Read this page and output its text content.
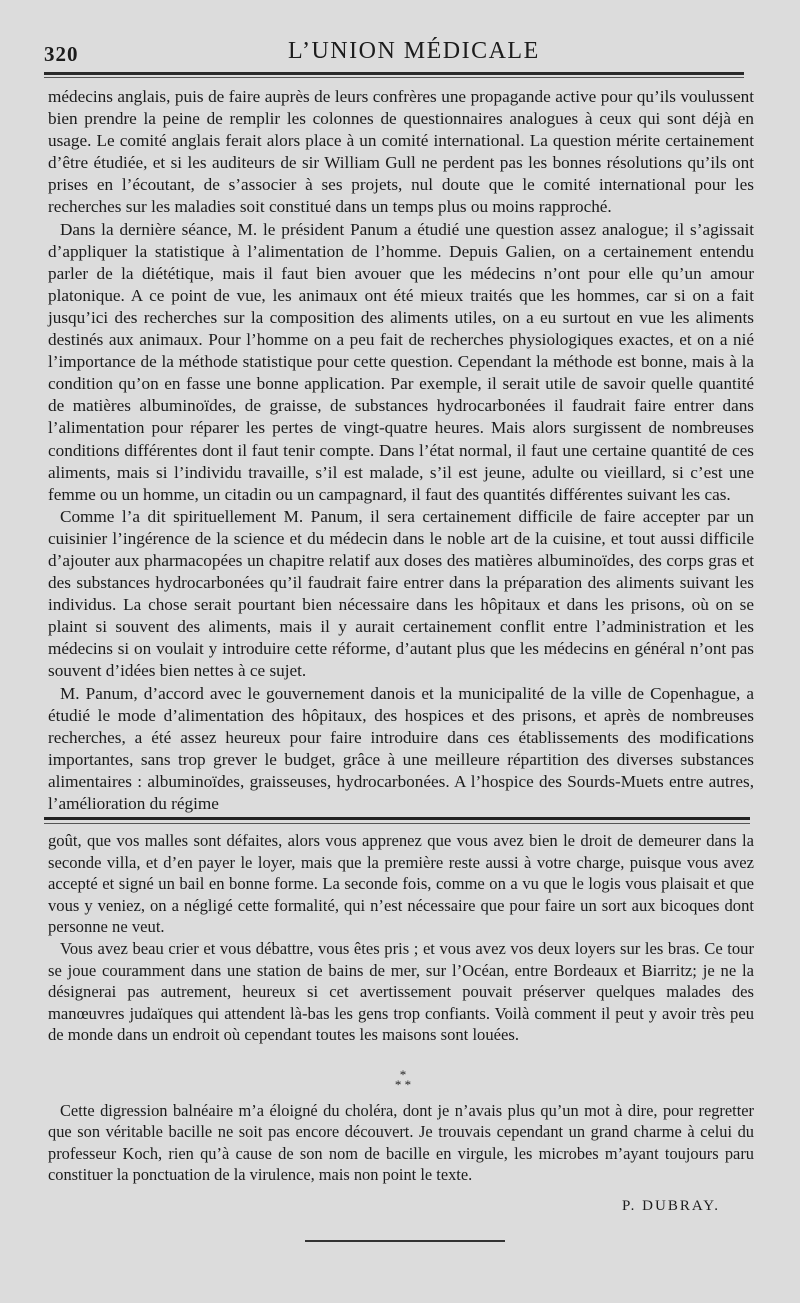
320	L’UNION MÉDICALE

médecins anglais, puis de faire auprès de leurs confrères une propagande active pour qu’ils voulussent bien prendre la peine de remplir les colonnes de questionnaires analogues à ceux qui sont déjà en usage. Le comité anglais ferait alors place à un comité international. La question mérite certainement d’être étudiée, et si les auditeurs de sir William Gull ne perdent pas les bonnes résolutions qu’ils ont prises en l’écoutant, de s’associer à ses projets, nul doute que le comité international pour les recherches sur les maladies soit constitué dans un temps plus ou moins rapproché.

Dans la dernière séance, M. le président Panum a étudié une question assez analogue; il s’agissait d’appliquer la statistique à l’alimentation de l’homme. Depuis Galien, on a certainement entendu parler de la diététique, mais il faut bien avouer que les médecins n’ont pour elle qu’un amour platonique. A ce point de vue, les animaux ont été mieux traités que les hommes, car si on a fait jusqu’ici des recherches sur la composition des aliments utiles, on a eu surtout en vue les aliments destinés aux animaux. Pour l’homme on a peu fait de recherches physiologiques exactes, et on a nié l’importance de la méthode statistique pour cette question. Cependant la méthode est bonne, mais à la condition qu’on en fasse une bonne application. Par exemple, il serait utile de savoir quelle quantité de matières albuminoïdes, de graisse, de substances hydrocarbonées il faudrait faire entrer dans l’alimentation pour réparer les pertes de vingt-quatre heures. Mais alors surgissent de nombreuses conditions différentes dont il faut tenir compte. Dans l’état normal, il faut une certaine quantité de ces aliments, mais si l’individu travaille, s’il est malade, s’il est jeune, adulte ou vieillard, si c’est une femme ou un homme, un citadin ou un campagnard, il faut des quantités différentes suivant les cas.

Comme l’a dit spirituellement M. Panum, il sera certainement difficile de faire accepter par un cuisinier l’ingérence de la science et du médecin dans le noble art de la cuisine, et tout aussi difficile d’ajouter aux pharmacopées un chapitre relatif aux doses des matières albuminoïdes, des corps gras et des substances hydrocarbonées qu’il faudrait faire entrer dans la préparation des aliments suivant les individus. La chose serait pourtant bien nécessaire dans les hôpitaux et dans les prisons, où on se plaint si souvent des aliments, mais il y aurait certainement conflit entre l’administration et les médecins si on voulait y introduire cette réforme, d’autant plus que les médecins en général n’ont pas souvent d’idées bien nettes à ce sujet.

M. Panum, d’accord avec le gouvernement danois et la municipalité de la ville de Copenhague, a étudié le mode d’alimentation des hôpitaux, des hospices et des prisons, et après de nombreuses recherches, a été assez heureux pour faire introduire dans ces établissements des modifications importantes, sans trop grever le budget, grâce à une meilleure répartition des diverses substances alimentaires : albuminoïdes, graisseuses, hydrocarbonées. A l’hospice des Sourds-Muets entre autres, l’amélioration du régime

goût, que vos malles sont défaites, alors vous apprenez que vous avez bien le droit de demeurer dans la seconde villa, et d’en payer le loyer, mais que la première reste aussi à votre charge, puisque vous avez accepté et signé un bail en bonne forme. La seconde fois, comme on a vu que le logis vous plaisait et que vous y veniez, on a négligé cette formalité, qui n’est nécessaire que pour faire un sort aux bicoques dont personne ne veut.

Vous avez beau crier et vous débattre, vous êtes pris ; et vous avez vos deux loyers sur les bras. Ce tour se joue couramment dans une station de bains de mer, sur l’Océan, entre Bordeaux et Biarritz; je ne la désignerai pas autrement, heureux si cet avertissement pouvait préserver quelques malades des manœuvres judaïques qui attendent là-bas les gens trop confiants. Voilà comment il peut y avoir très peu de monde dans un endroit où cependant toutes les maisons sont louées.

*
* *

Cette digression balnéaire m’a éloigné du choléra, dont je n’avais plus qu’un mot à dire, pour regretter que son véritable bacille ne soit pas encore découvert. Je trouvais cependant un grand charme à celui du professeur Koch, rien qu’à cause de son nom de bacille en virgule, les microbes m’ayant toujours paru constituer la ponctuation de la virulence, mais non point le texte.

P. DUBRAY.
